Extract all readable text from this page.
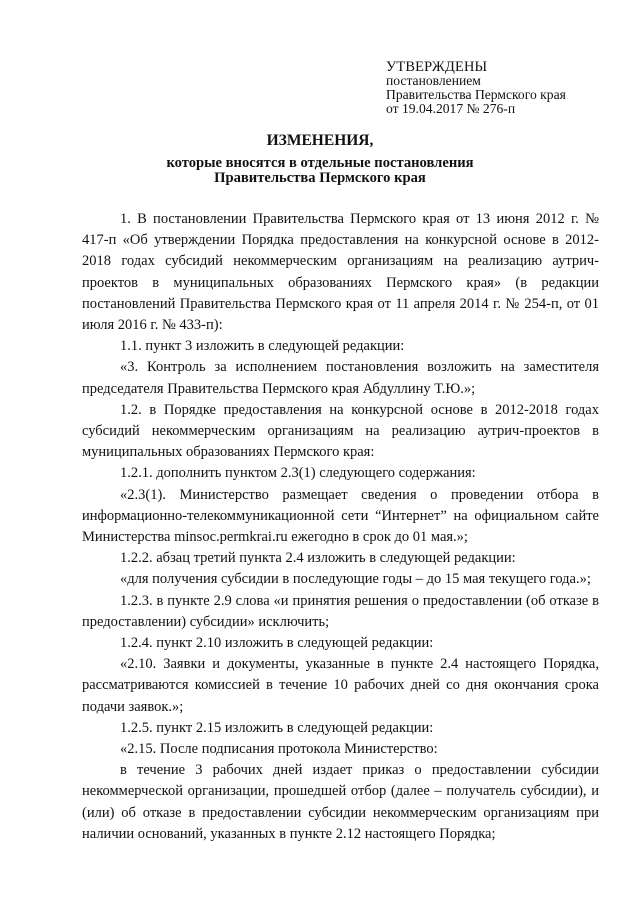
УТВЕРЖДЕНЫ
постановлением
Правительства Пермского края
от 19.04.2017 № 276-п
ИЗМЕНЕНИЯ,
которые вносятся в отдельные постановления
Правительства Пермского края

1. В постановлении Правительства Пермского края от 13 июня 2012 г. № 417-п «Об утверждении Порядка предоставления на конкурсной основе в 2012-2018 годах субсидий некоммерческим организациям на реализацию аутрич-проектов в муниципальных образованиях Пермского края» (в редакции постановлений Правительства Пермского края от 11 апреля 2014 г. № 254-п, от 01 июля 2016 г. № 433-п):

1.1. пункт 3 изложить в следующей редакции:

«3. Контроль за исполнением постановления возложить на заместителя председателя Правительства Пермского края Абдуллину Т.Ю.»;

1.2. в Порядке предоставления на конкурсной основе в 2012-2018 годах субсидий некоммерческим организациям на реализацию аутрич-проектов в муниципальных образованиях Пермского края:

1.2.1. дополнить пунктом 2.3(1) следующего содержания:

«2.3(1). Министерство размещает сведения о проведении отбора в информационно-телекоммуникационной сети “Интернет” на официальном сайте Министерства minsoc.permkrai.ru ежегодно в срок до 01 мая.»;

1.2.2. абзац третий пункта 2.4 изложить в следующей редакции:

«для получения субсидии в последующие годы – до 15 мая текущего года.»;

1.2.3. в пункте 2.9 слова «и принятия решения о предоставлении (об отказе в предоставлении) субсидии» исключить;

1.2.4. пункт 2.10 изложить в следующей редакции:

«2.10. Заявки и документы, указанные в пункте 2.4 настоящего Порядка, рассматриваются комиссией в течение 10 рабочих дней со дня окончания срока подачи заявок.»;

1.2.5. пункт 2.15 изложить в следующей редакции:

«2.15. После подписания протокола Министерство:

в течение 3 рабочих дней издает приказ о предоставлении субсидии некоммерческой организации, прошедшей отбор (далее – получатель субсидии), и (или) об отказе в предоставлении субсидии некоммерческим организациям при наличии оснований, указанных в пункте 2.12 настоящего Порядка;
